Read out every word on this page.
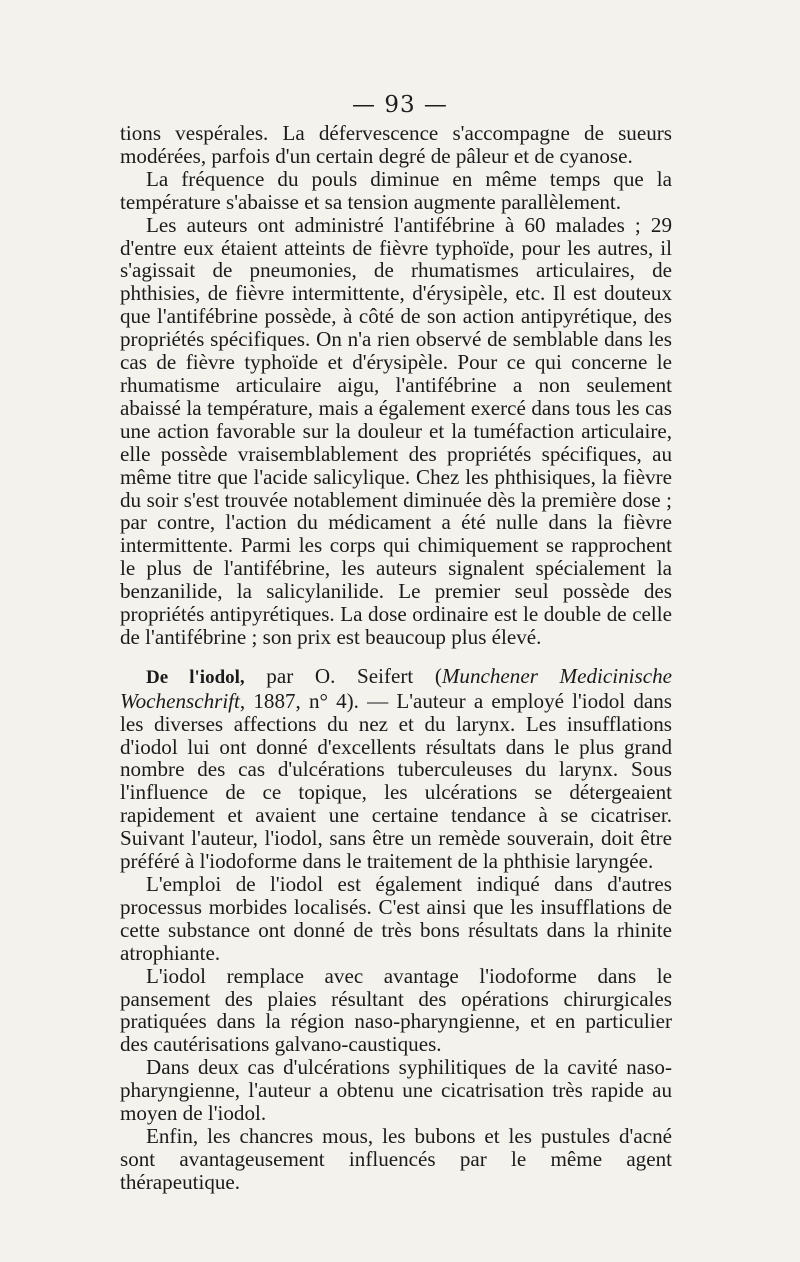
— 93 —

tions vespérales. La défervescence s'accompagne de sueurs modérées, parfois d'un certain degré de pâleur et de cyanose.

La fréquence du pouls diminue en même temps que la température s'abaisse et sa tension augmente parallèlement.

Les auteurs ont administré l'antifébrine à 60 malades ; 29 d'entre eux étaient atteints de fièvre typhoïde, pour les autres, il s'agissait de pneumonies, de rhumatismes articulaires, de phthisies, de fièvre intermittente, d'érysipèle, etc. Il est douteux que l'antifébrine possède, à côté de son action antipyrétique, des propriétés spécifiques. On n'a rien observé de semblable dans les cas de fièvre typhoïde et d'érysipèle. Pour ce qui concerne le rhumatisme articulaire aigu, l'antifébrine a non seulement abaissé la température, mais a également exercé dans tous les cas une action favorable sur la douleur et la tuméfaction articulaire, elle possède vraisemblablement des propriétés spécifiques, au même titre que l'acide salicylique. Chez les phthisiques, la fièvre du soir s'est trouvée notablement diminuée dès la première dose ; par contre, l'action du médicament a été nulle dans la fièvre intermittente. Parmi les corps qui chimiquement se rapprochent le plus de l'antifébrine, les auteurs signalent spécialement la benzanilide, la salicylanilide. Le premier seul possède des propriétés antipyrétiques. La dose ordinaire est le double de celle de l'antifébrine ; son prix est beaucoup plus élevé.

De l'iodol, par O. Seifert (Munchener Medicinische Wochenschrift, 1887, n° 4). — L'auteur a employé l'iodol dans les diverses affections du nez et du larynx. Les insufflations d'iodol lui ont donné d'excellents résultats dans le plus grand nombre des cas d'ulcérations tuberculeuses du larynx. Sous l'influence de ce topique, les ulcérations se détergeaient rapidement et avaient une certaine tendance à se cicatriser. Suivant l'auteur, l'iodol, sans être un remède souverain, doit être préféré à l'iodoforme dans le traitement de la phthisie laryngée.

L'emploi de l'iodol est également indiqué dans d'autres processus morbides localisés. C'est ainsi que les insufflations de cette substance ont donné de très bons résultats dans la rhinite atrophiante.

L'iodol remplace avec avantage l'iodoforme dans le pansement des plaies résultant des opérations chirurgicales pratiquées dans la région naso-pharyngienne, et en particulier des cautérisations galvano-caustiques.

Dans deux cas d'ulcérations syphilitiques de la cavité naso-pharyngienne, l'auteur a obtenu une cicatrisation très rapide au moyen de l'iodol.

Enfin, les chancres mous, les bubons et les pustules d'acné sont avantageusement influencés par le même agent thérapeutique.
